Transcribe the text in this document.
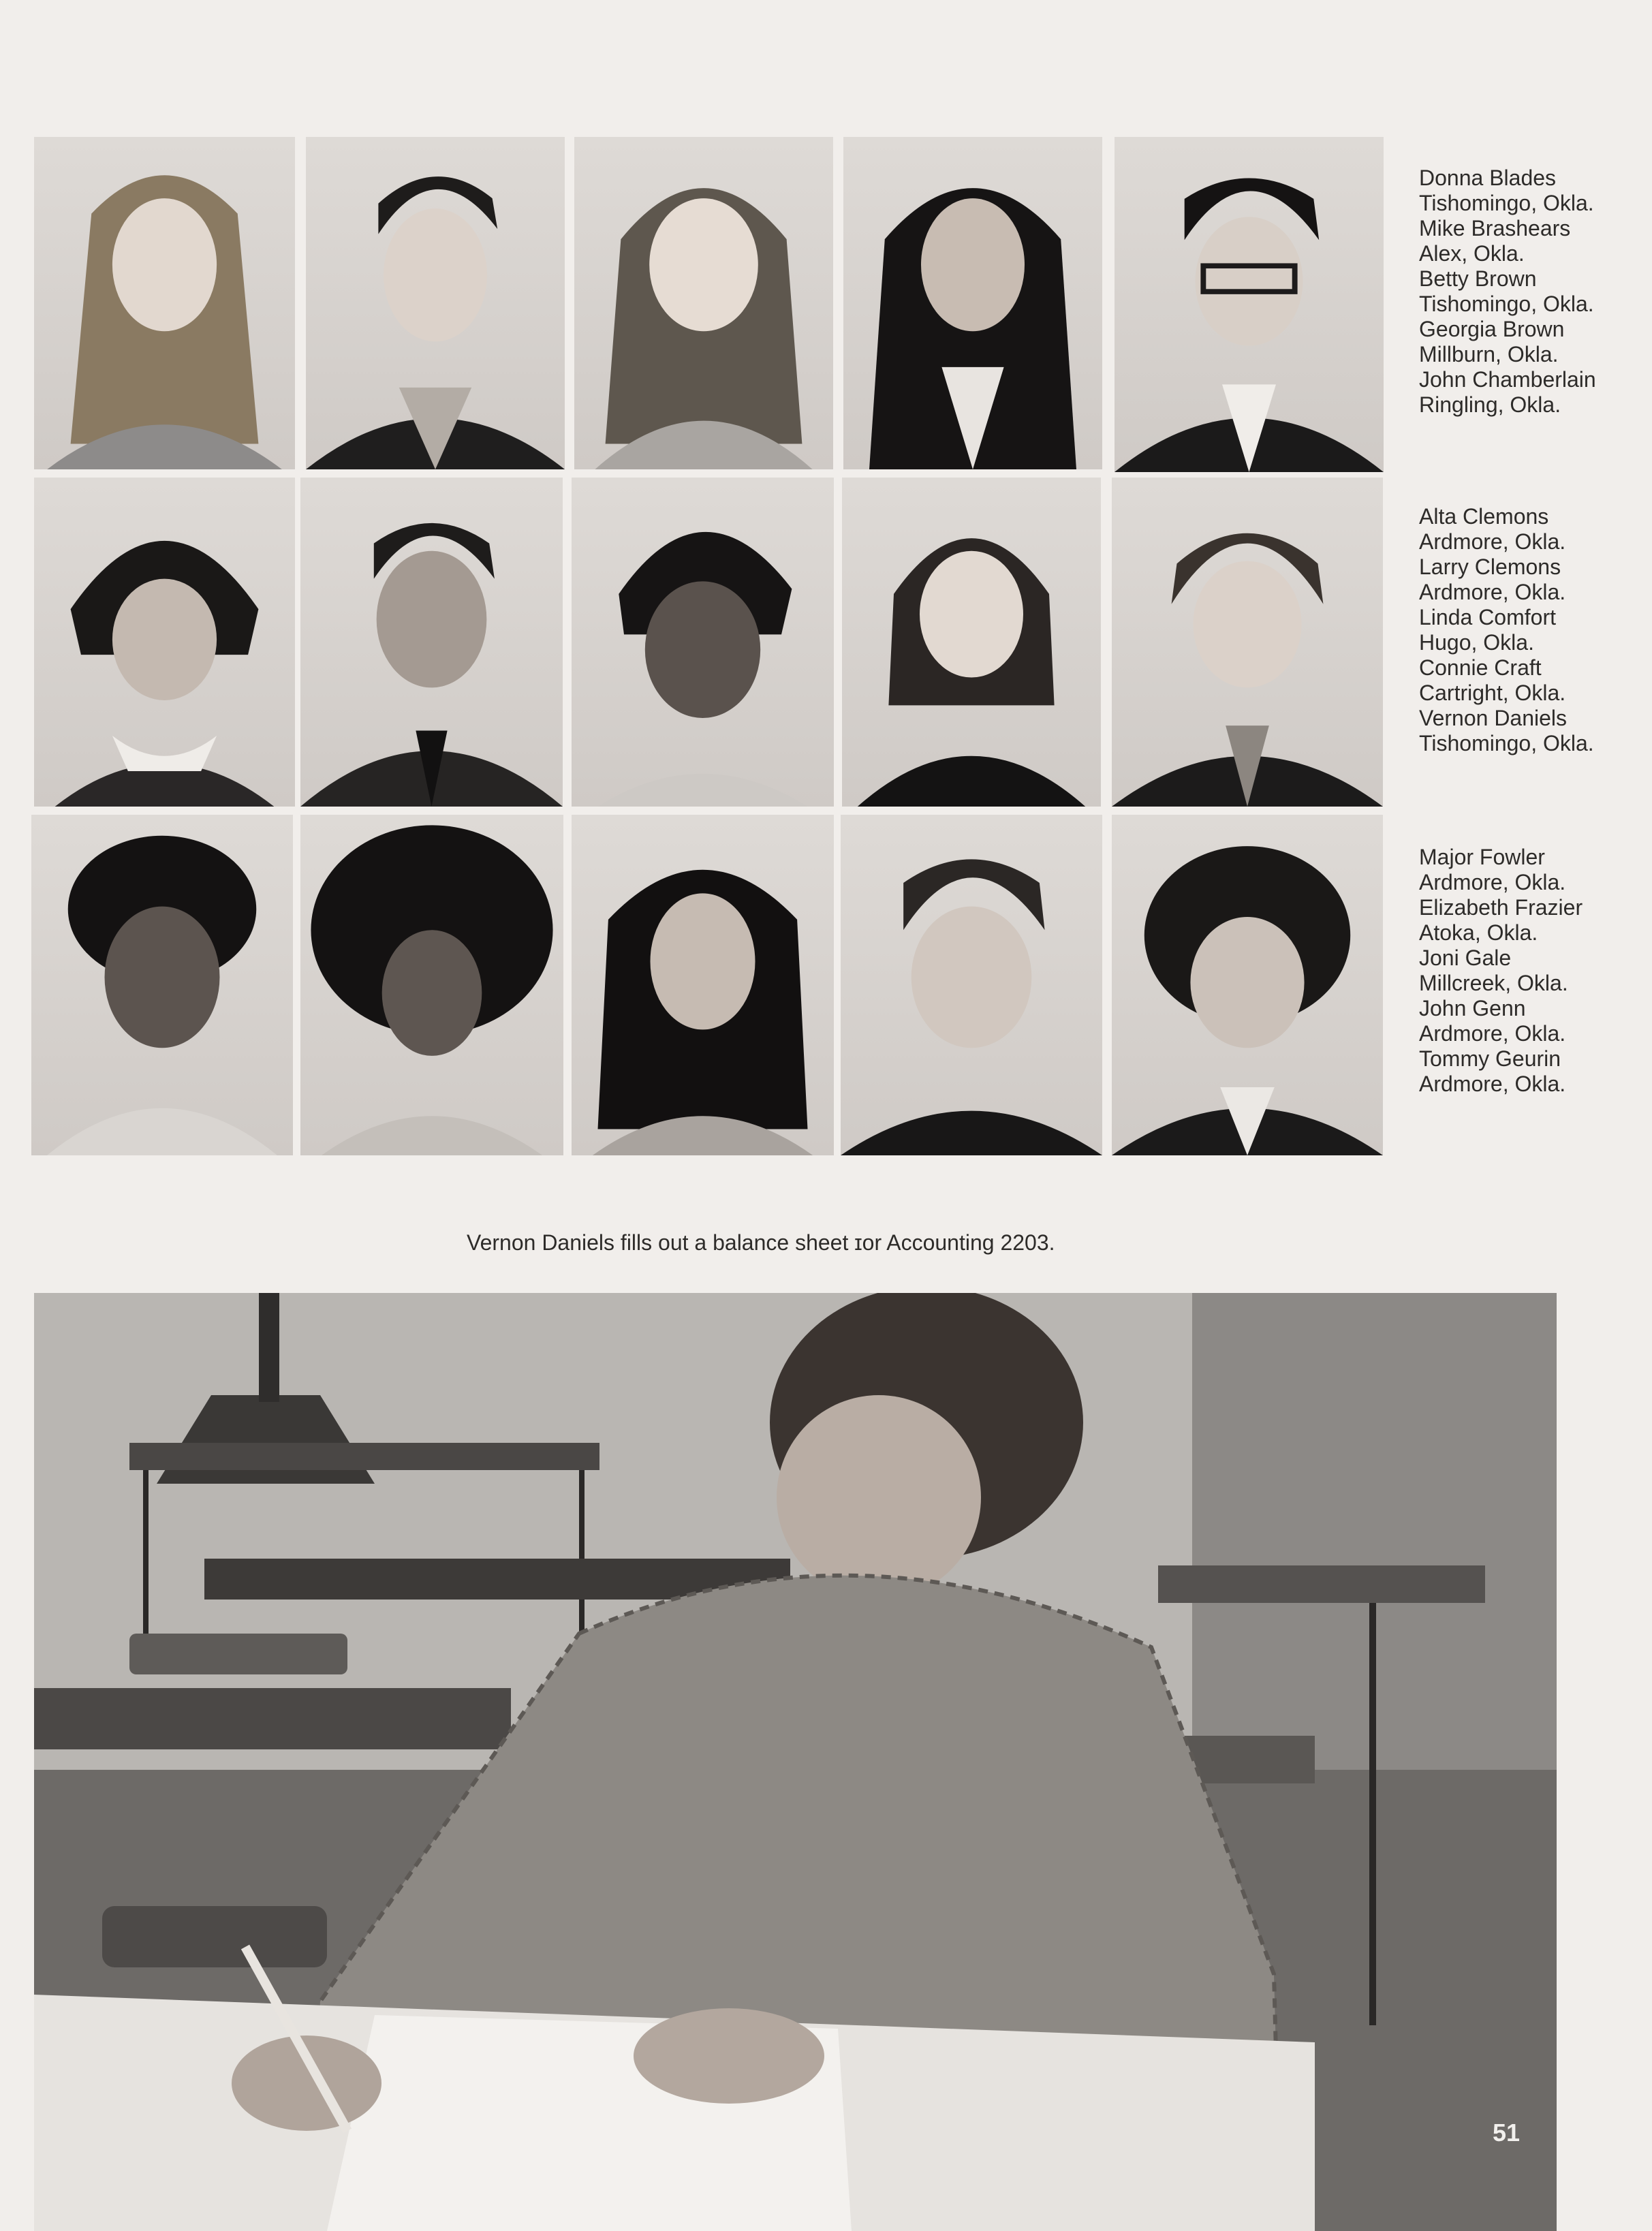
Donna Blades
Tishomingo, Okla.
Mike Brashears
Alex, Okla.
Betty Brown
Tishomingo, Okla.
Georgia Brown
Millburn, Okla.
John Chamberlain
Ringling, Okla.
Alta Clemons
Ardmore, Okla.
Larry Clemons
Ardmore, Okla.
Linda Comfort
Hugo, Okla.
Connie Craft
Cartright, Okla.
Vernon Daniels
Tishomingo, Okla.
Major Fowler
Ardmore, Okla.
Elizabeth Frazier
Atoka, Okla.
Joni Gale
Millcreek, Okla.
John Genn
Ardmore, Okla.
Tommy Geurin
Ardmore, Okla.
Vernon Daniels fills out a balance sheet ɪor Accounting 2203.
51
